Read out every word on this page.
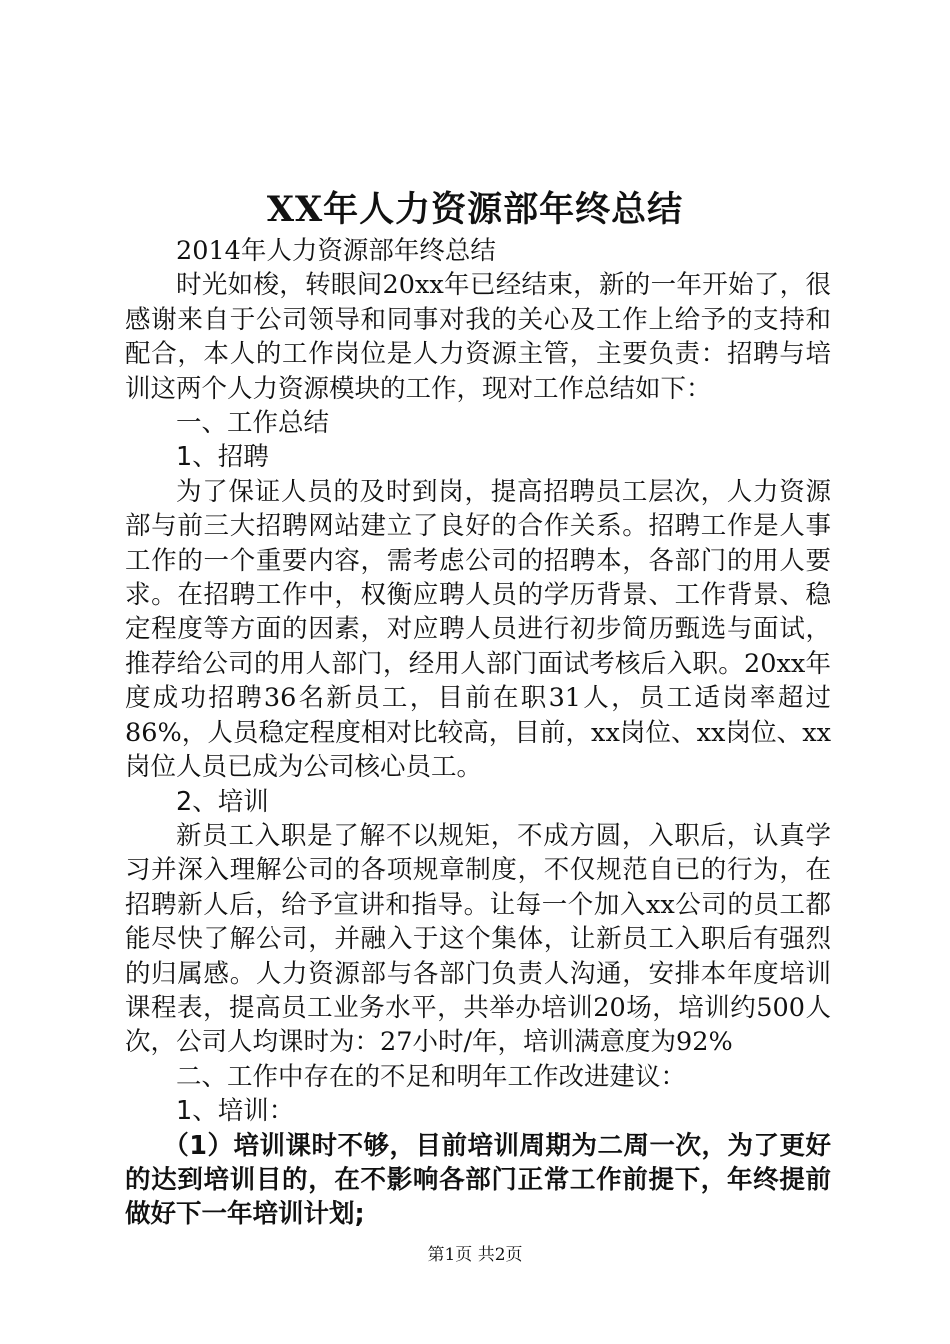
XX年人力资源部年终总结

2014年人力资源部年终总结

时光如梭，转眼间20xx年已经结束，新的一年开始了，很感谢来自于公司领导和同事对我的关心及工作上给予的支持和配合，本人的工作岗位是人力资源主管，主要负责：招聘与培训这两个人力资源模块的工作，现对工作总结如下：

一、工作总结

1、招聘

为了保证人员的及时到岗，提高招聘员工层次，人力资源部与前三大招聘网站建立了良好的合作关系。招聘工作是人事工作的一个重要内容，需考虑公司的招聘本，各部门的用人要求。在招聘工作中，权衡应聘人员的学历背景、工作背景、稳定程度等方面的因素，对应聘人员进行初步简历甄选与面试，推荐给公司的用人部门，经用人部门面试考核后入职。20xx年度成功招聘36名新员工，目前在职31人，员工适岗率超过86%，人员稳定程度相对比较高，目前，xx岗位、xx岗位、xx岗位人员已成为公司核心员工。

2、培训

新员工入职是了解不以规矩，不成方圆，入职后，认真学习并深入理解公司的各项规章制度，不仅规范自已的行为，在招聘新人后，给予宣讲和指导。让每一个加入xx公司的员工都能尽快了解公司，并融入于这个集体，让新员工入职后有强烈的归属感。人力资源部与各部门负责人沟通，安排本年度培训课程表，提高员工业务水平，共举办培训20场，培训约500人次，公司人均课时为：27小时/年，培训满意度为92%

二、工作中存在的不足和明年工作改进建议：

1、培训：

（1）培训课时不够，目前培训周期为二周一次，为了更好的达到培训目的，在不影响各部门正常工作前提下，年终提前做好下一年培训计划;

第1页 共2页
